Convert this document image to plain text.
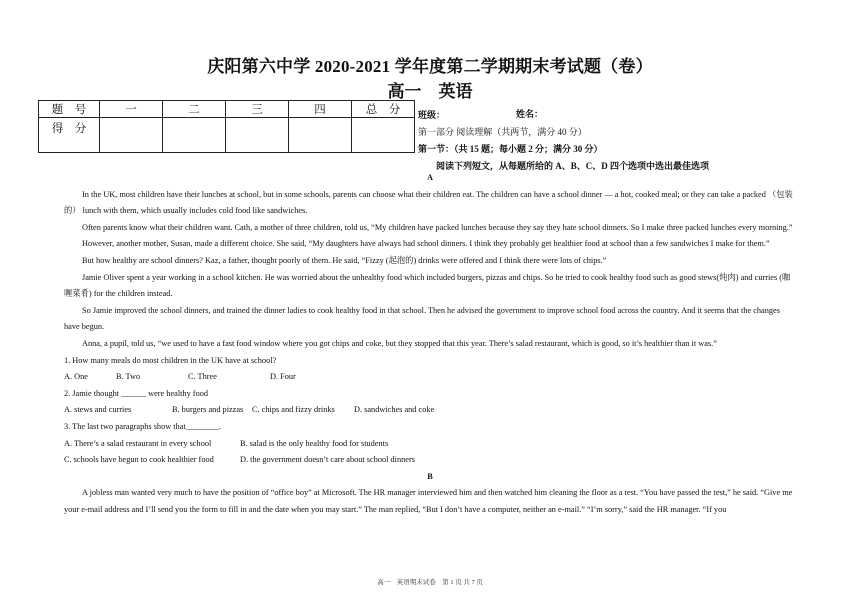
庆阳第六中学 2020-2021 学年度第二学期期末考试题（卷）
高一　英语
题　号	一	二	三	四	总　分
得　分					
班级：
第一部分 阅读理解（共两节，满分 40 分）
第一节：（共 15 题；每小题 2 分；满分 30 分）
阅读下列短文，从每题所给的 A、B、C、D 四个选项中选出最佳选项
姓名：

A

In the UK, most children have their lunches at school, but in some schools, parents can choose what their children eat. The children can have a school dinner — a hot, cooked meal; or they can take a packed （包装的） lunch with them, which usually includes cold food like sandwiches.

Often parents know what their children want. Cath, a mother of three children, told us, “My children have packed lunches because they say they hate school dinners. So I make three packed lunches every morning.”

However, another mother, Susan, made a different choice. She said, “My daughters have always had school dinners. I think they probably get healthier food at school than a few sandwiches I make for them.”

But how healthy are school dinners? Kaz, a father, thought poorly of them. He said, “Fizzy (起泡的) drinks were offered and I think there were lots of chips.”

Jamie Oliver spent a year working in a school kitchen. He was worried about the unhealthy food which included burgers, pizzas and chips. So he tried to cook healthy food such as good stews(炖肉) and curries (咖喱菜肴) for the children instead.

So Jamie improved the school dinners, and trained the dinner ladies to cook healthy food in that school. Then he advised the government to improve school food across the country. And it seems that the changes have begun.

Anna, a pupil, told us, “we used to have a fast food window where you got chips and coke, but they stopped that this year. There’s salad restaurant, which is good, so it’s healthier than it was.”

1. How many meals do most children in the UK have at school?

A. One	B. Two	C. Three	D. Four

2. Jamie thought ______ were healthy food

A. stews and curries	B. burgers and pizzas C. chips and fizzy drinks D. sandwiches and coke

3. The last two paragraphs show that________.

A. There’s a salad restaurant in every school	B. salad is the only healthy food for students

C. schools have begun to cook healthier food	D. the government doesn’t care about school dinners

B

A jobless man wanted very much to have the position of “office boy” at Microsoft. The HR manager interviewed him and then watched him cleaning the floor as a test. “You have passed the test,” he said. “Give me your e-mail address and I’ll send you the form to fill in and the date when you may start.” The man replied, “But I don’t have a computer, neither an e-mail.” “I’m sorry,” said the HR manager. “If you

高一　英语期末试卷　第 1 页 共 7 页
